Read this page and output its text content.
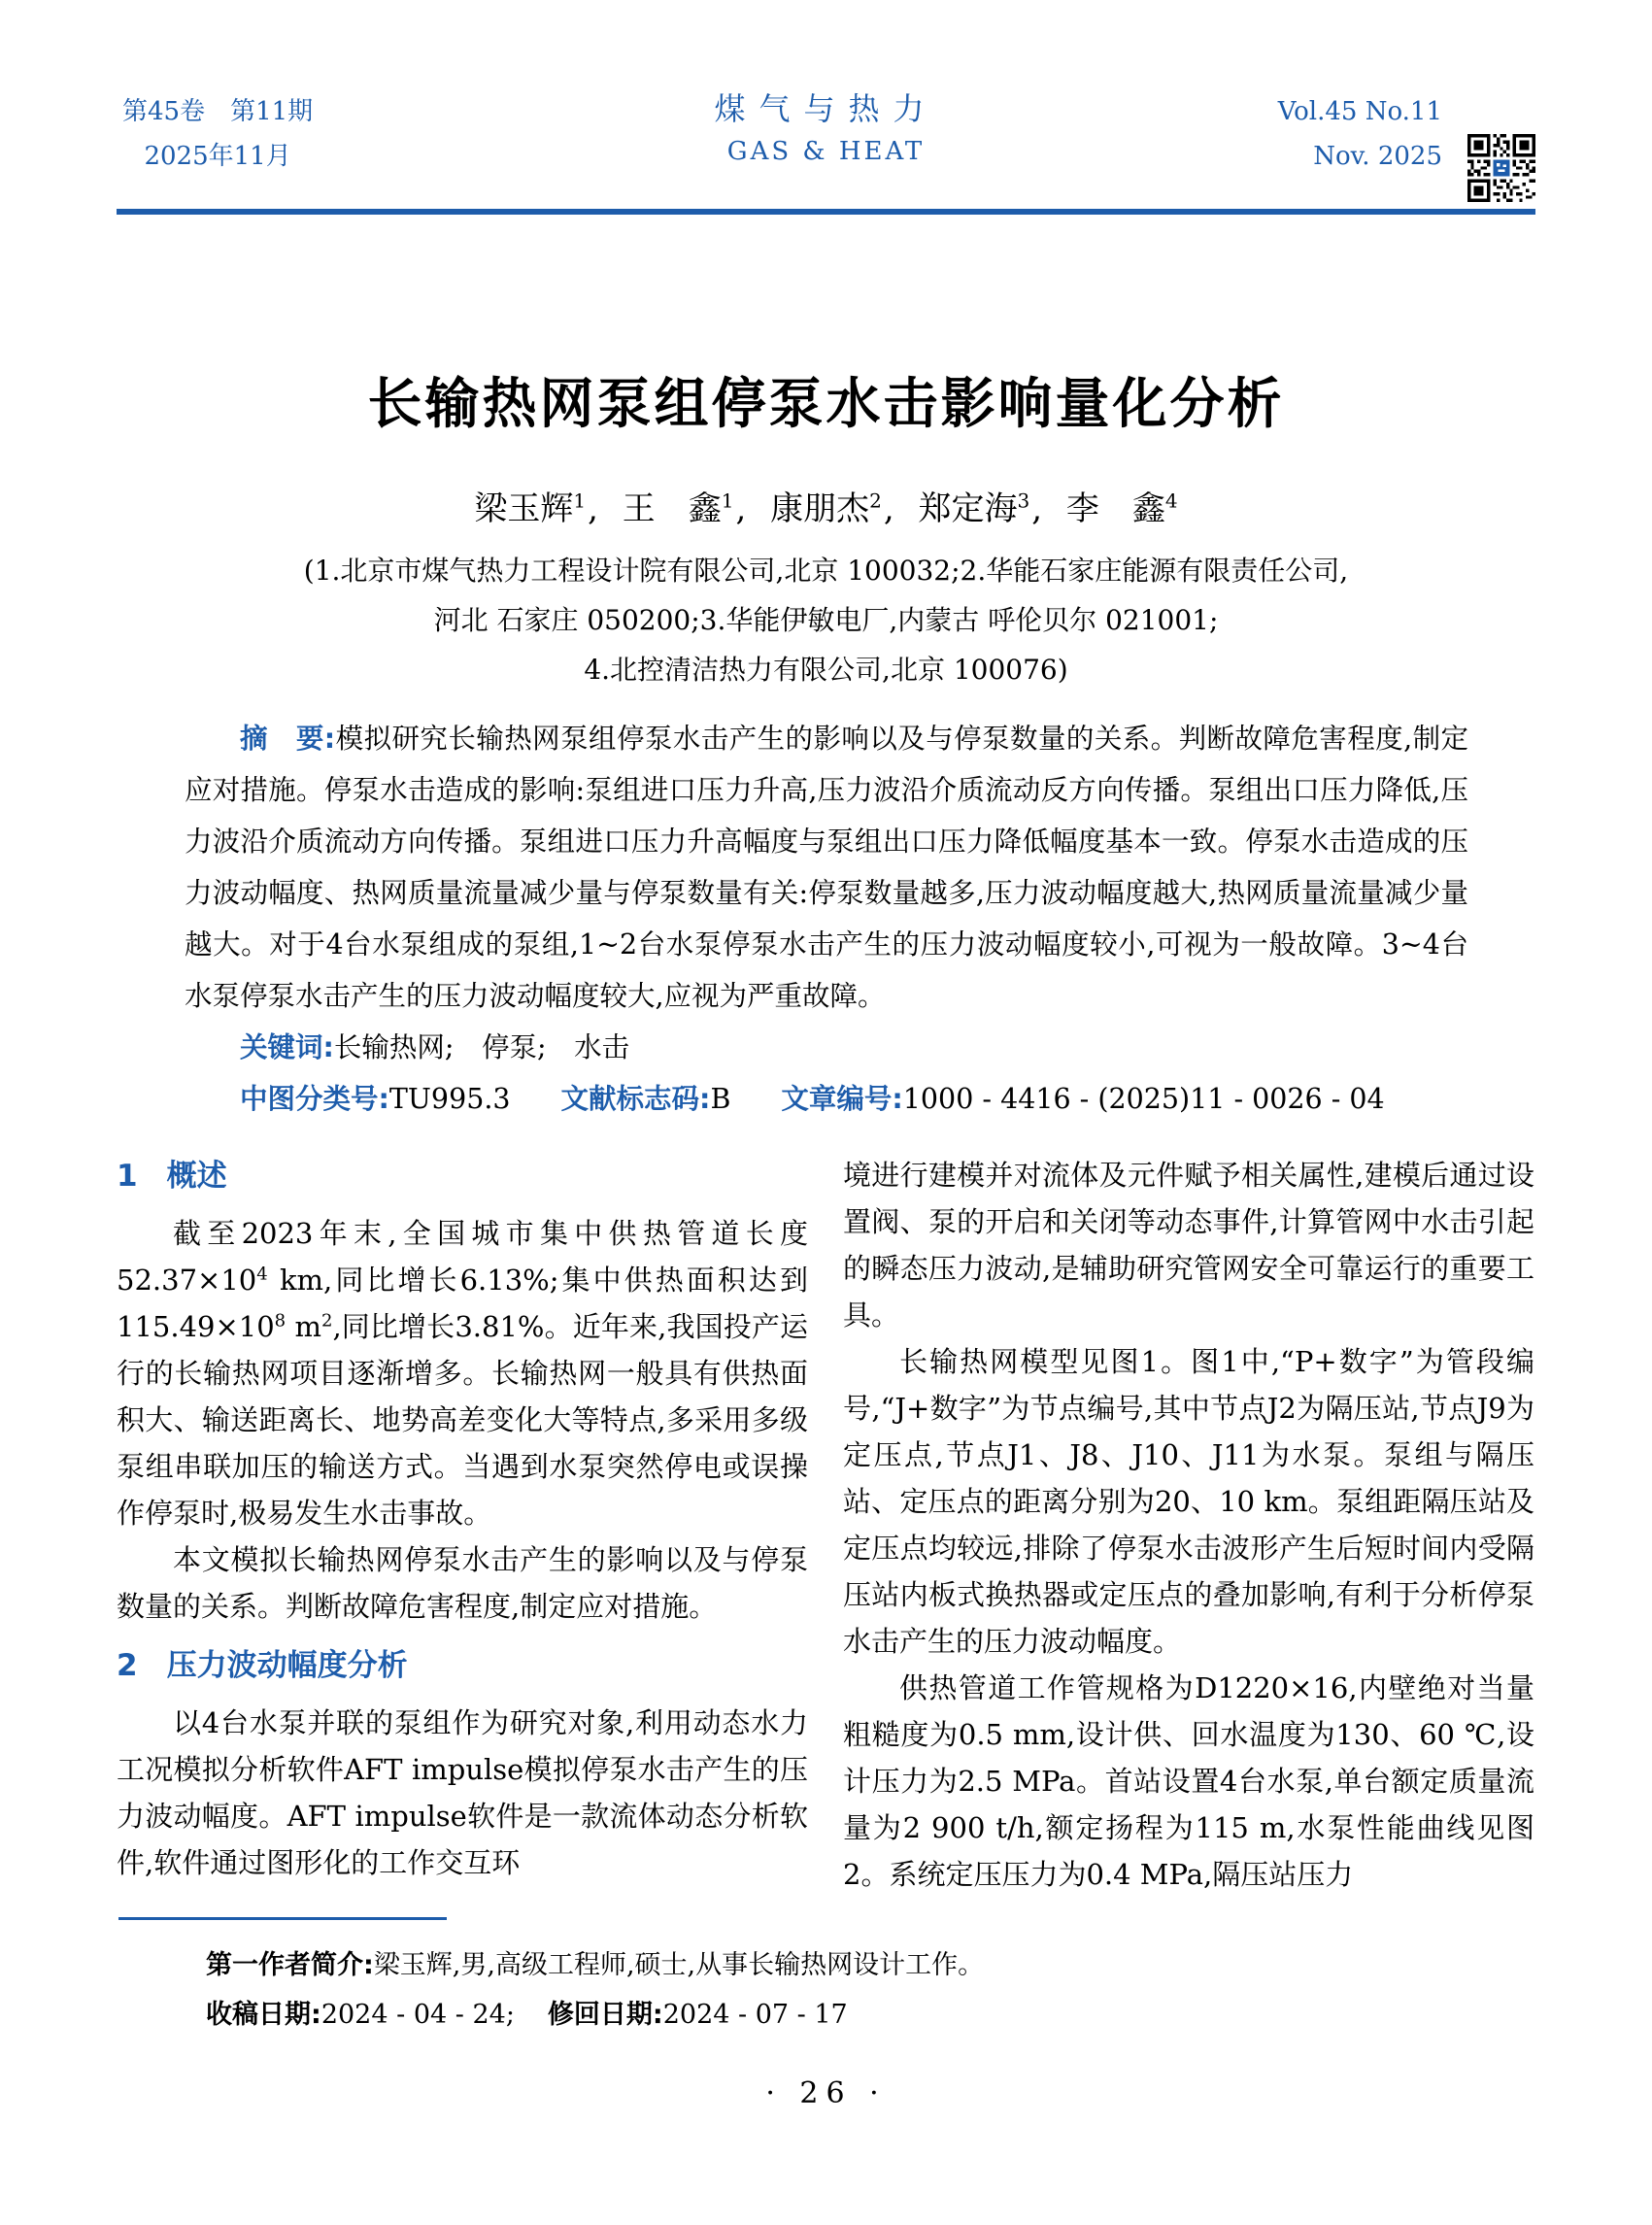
第45卷　第11期
2025年11月
煤气与热力
GAS & HEAT
Vol.45 No.11
Nov. 2025
长输热网泵组停泵水击影响量化分析
梁玉辉$^1$, 王　鑫$^1$, 康朋杰$^2$, 郑定海$^3$, 李　鑫$^4$
(1.北京市煤气热力工程设计院有限公司,北京 100032;2.华能石家庄能源有限责任公司,
河北 石家庄 050200;3.华能伊敏电厂,内蒙古 呼伦贝尔 021001;
4.北控清洁热力有限公司,北京 100076)

摘　要:模拟研究长输热网泵组停泵水击产生的影响以及与停泵数量的关系。判断故障危害程度,制定应对措施。停泵水击造成的影响:泵组进口压力升高,压力波沿介质流动反方向传播。泵组出口压力降低,压力波沿介质流动方向传播。泵组进口压力升高幅度与泵组出口压力降低幅度基本一致。停泵水击造成的压力波动幅度、热网质量流量减少量与停泵数量有关:停泵数量越多,压力波动幅度越大,热网质量流量减少量越大。对于4台水泵组成的泵组,1~2台水泵停泵水击产生的压力波动幅度较小,可视为一般故障。3~4台水泵停泵水击产生的压力波动幅度较大,应视为严重故障。

关键词:长输热网;　停泵;　水击

中图分类号:TU995.3 文献标志码:B 文章编号:1000 - 4416 - (2025)11 - 0026 - 04

1 概述

截至2023年末,全国城市集中供热管道长度$52.37\times 10^4$ km,同比增长6.13%;集中供热面积达到$115.49\times 10^8$ $m^2$,同比增长3.81%。近年来,我国投产运行的长输热网项目逐渐增多。长输热网一般具有供热面积大、输送距离长、地势高差变化大等特点,多采用多级泵组串联加压的输送方式。当遇到水泵突然停电或误操作停泵时,极易发生水击事故。

本文模拟长输热网停泵水击产生的影响以及与停泵数量的关系。判断故障危害程度,制定应对措施。

2 压力波动幅度分析

以4台水泵并联的泵组作为研究对象,利用动态水力工况模拟分析软件AFT impulse模拟停泵水击产生的压力波动幅度。AFT impulse软件是一款流体动态分析软件,软件通过图形化的工作交互环

境进行建模并对流体及元件赋予相关属性,建模后通过设置阀、泵的开启和关闭等动态事件,计算管网中水击引起的瞬态压力波动,是辅助研究管网安全可靠运行的重要工具。

长输热网模型见图1。图1中,“P+数字”为管段编号,“J+数字”为节点编号,其中节点J2为隔压站,节点J9为定压点,节点J1、J8、J10、J11为水泵。泵组与隔压站、定压点的距离分别为20、10 km。泵组距隔压站及定压点均较远,排除了停泵水击波形产生后短时间内受隔压站内板式换热器或定压点的叠加影响,有利于分析停泵水击产生的压力波动幅度。

供热管道工作管规格为D1220×16,内壁绝对当量粗糙度为0.5 mm,设计供、回水温度为130、60 ℃,设计压力为2.5 MPa。首站设置4台水泵,单台额定质量流量为2 900 t/h,额定扬程为115 m,水泵性能曲线见图2。系统定压压力为0.4 MPa,隔压站压力

第一作者简介:梁玉辉,男,高级工程师,硕士,从事长输热网设计工作。
收稿日期:2024 - 04 - 24; 修回日期:2024 - 07 - 17
· 26 ·
